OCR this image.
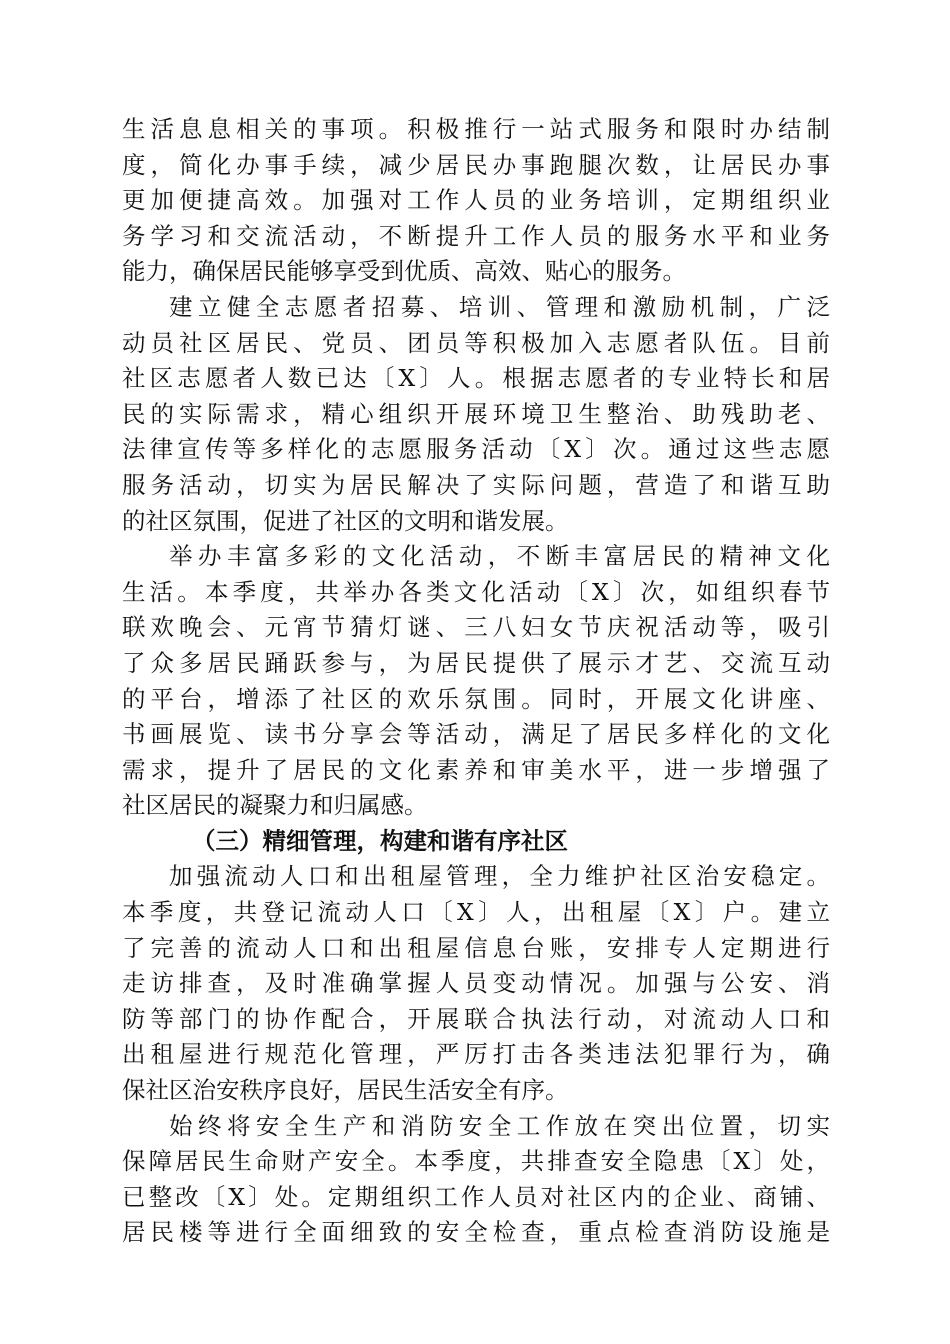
生活息息相关的事项。积极推行一站式服务和限时办结制
度，简化办事手续，减少居民办事跑腿次数，让居民办事
更加便捷高效。加强对工作人员的业务培训，定期组织业
务学习和交流活动，不断提升工作人员的服务水平和业务
能力，确保居民能够享受到优质、高效、贴心的服务。
建立健全志愿者招募、培训、管理和激励机制，广泛
动员社区居民、党员、团员等积极加入志愿者队伍。目前
社区志愿者人数已达〔X〕人。根据志愿者的专业特长和居
民的实际需求，精心组织开展环境卫生整治、助残助老、
法律宣传等多样化的志愿服务活动〔X〕次。通过这些志愿
服务活动，切实为居民解决了实际问题，营造了和谐互助
的社区氛围，促进了社区的文明和谐发展。
举办丰富多彩的文化活动，不断丰富居民的精神文化
生活。本季度，共举办各类文化活动〔X〕次，如组织春节
联欢晚会、元宵节猜灯谜、三八妇女节庆祝活动等，吸引
了众多居民踊跃参与，为居民提供了展示才艺、交流互动
的平台，增添了社区的欢乐氛围。同时，开展文化讲座、
书画展览、读书分享会等活动，满足了居民多样化的文化
需求，提升了居民的文化素养和审美水平，进一步增强了
社区居民的凝聚力和归属感。
（三）精细管理，构建和谐有序社区
加强流动人口和出租屋管理，全力维护社区治安稳定。
本季度，共登记流动人口〔X〕人，出租屋〔X〕户。建立
了完善的流动人口和出租屋信息台账，安排专人定期进行
走访排查，及时准确掌握人员变动情况。加强与公安、消
防等部门的协作配合，开展联合执法行动，对流动人口和
出租屋进行规范化管理，严厉打击各类违法犯罪行为，确
保社区治安秩序良好，居民生活安全有序。
始终将安全生产和消防安全工作放在突出位置，切实
保障居民生命财产安全。本季度，共排查安全隐患〔X〕处，
已整改〔X〕处。定期组织工作人员对社区内的企业、商铺、
居民楼等进行全面细致的安全检查，重点检查消防设施是
